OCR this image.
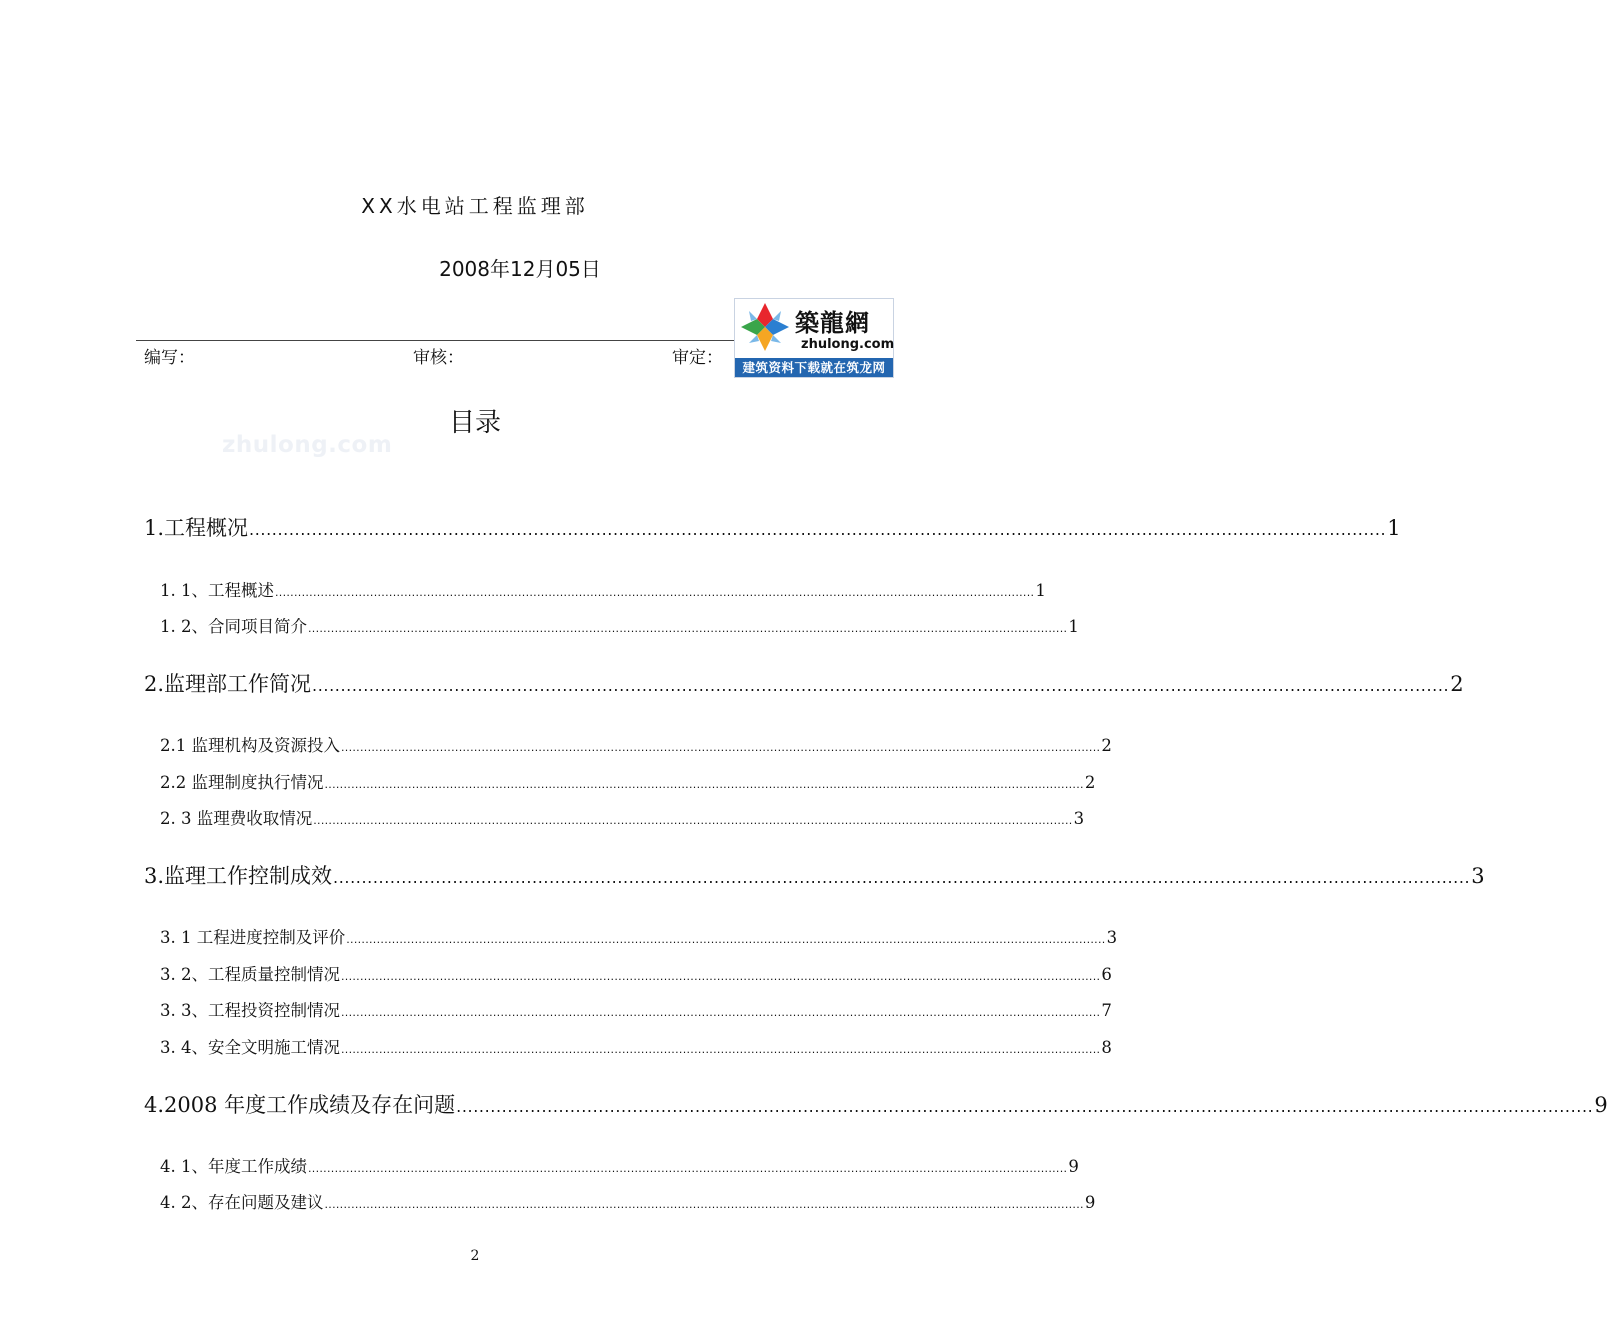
XX水电站工程监理部
2008年12月05日
编写：	审核：	审定：
築龍網
zhulong.com
建筑资料下载就在筑龙网
目录
zhulong.com
1.工程概况 ........................................................................................................................................................................................................ 1
1. 1、工程概述 ........................................................................................................................................................................................................ 1
1. 2、合同项目简介 ........................................................................................................................................................................................................ 1
2.监理部工作简况 ........................................................................................................................................................................................................ 2
2.1 监理机构及资源投入 ........................................................................................................................................................................................................ 2
2.2 监理制度执行情况 ........................................................................................................................................................................................................ 2
2. 3 监理费收取情况 ........................................................................................................................................................................................................ 3
3.监理工作控制成效 ........................................................................................................................................................................................................ 3
3. 1 工程进度控制及评价 ........................................................................................................................................................................................................ 3
3. 2、工程质量控制情况 ........................................................................................................................................................................................................ 6
3. 3、工程投资控制情况 ........................................................................................................................................................................................................ 7
3. 4、安全文明施工情况 ........................................................................................................................................................................................................ 8
4.2008 年度工作成绩及存在问题 ........................................................................................................................................................................................................ 9
4. 1、年度工作成绩 ........................................................................................................................................................................................................ 9
4. 2、存在问题及建议 ........................................................................................................................................................................................................ 9
2
